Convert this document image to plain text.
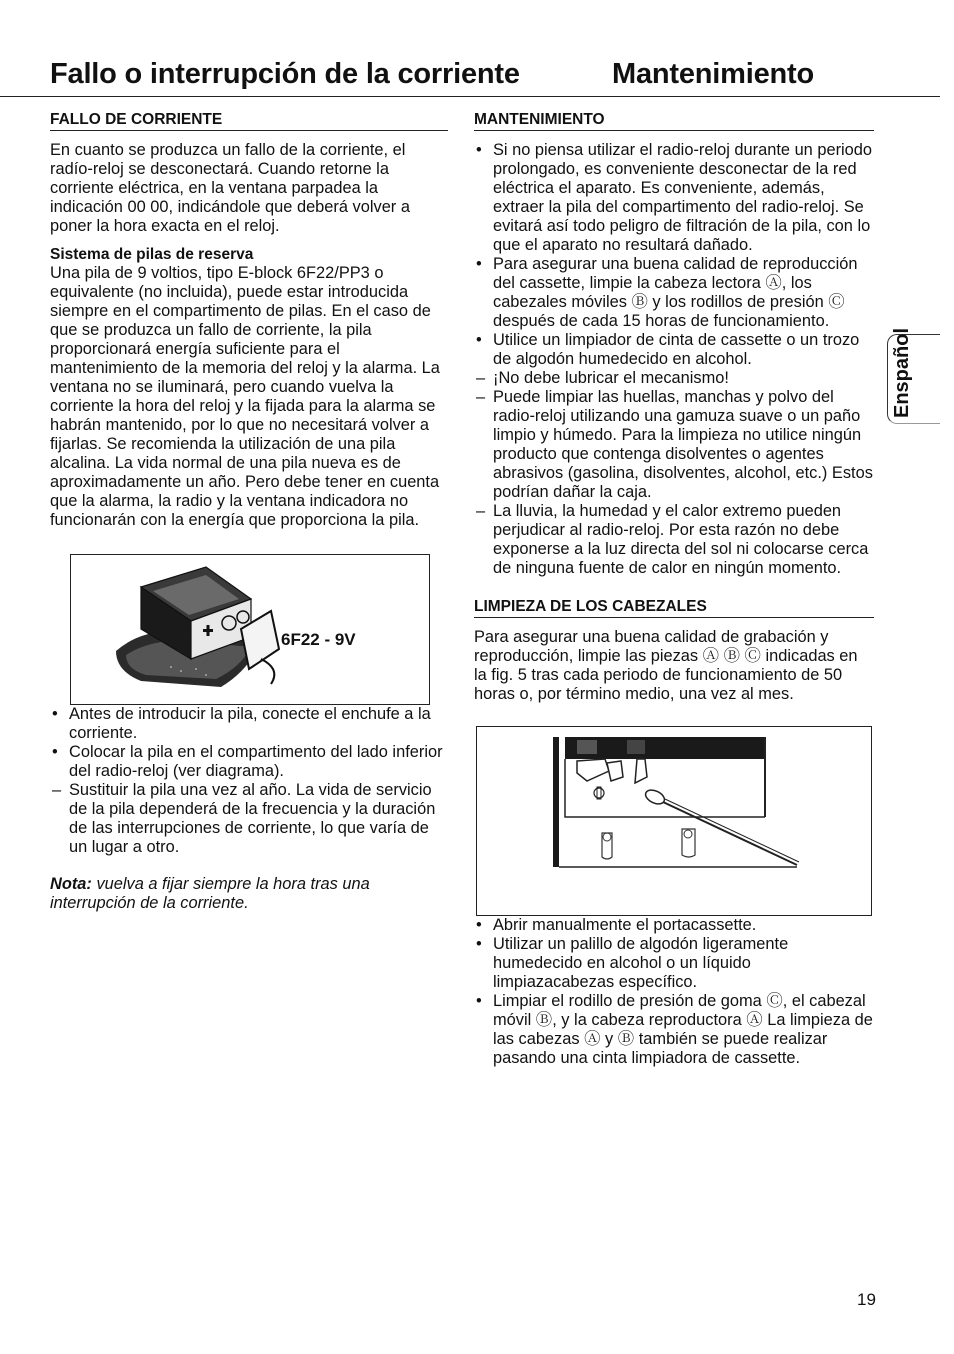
Fallo o interrupción de la corriente	Mantenimiento
FALLO DE CORRIENTE

En cuanto se produzca un fallo de la corriente, el radío-reloj se desconectará. Cuando retorne la corriente eléctrica, en la ventana parpadea la indicación 00 00, indicándole que deberá volver a poner la hora exacta en el reloj.

Sistema de pilas de reserva

Una pila de 9 voltios, tipo E-block 6F22/PP3 o equivalente (no incluida), puede estar introducida siempre en el compartimento de pilas. En el caso de que se produzca un fallo de corriente, la pila proporcionará energía suficiente para el mantenimiento de la memoria del reloj y la alarma. La ventana no se iluminará, pero cuando vuelva la corriente la hora del reloj y la fijada para la alarma se habrán mantenido, por lo que no necesitará volver a fijarlas. Se recomienda la utilización de una pila alcalina. La vida normal de una pila nueva es de aproximadamente un año. Pero debe tener en cuenta que la alarma, la radio y la ventana indicadora no funcionarán con la energía que proporciona la pila.

6F22 - 9V
• Antes de introducir la pila, conecte el enchufe a la corriente.
• Colocar la pila en el compartimento del lado inferior del radio-reloj (ver diagrama).
– Sustituir la pila una vez al año. La vida de servicio de la pila dependerá de la frecuencia y la duración de las interrupciones de corriente, lo que varía de un lugar a otro.

Nota: vuelva a fijar siempre la hora tras una interrupción de la corriente.

MANTENIMIENTO
• Si no piensa utilizar el radio-reloj durante un periodo prolongado, es conveniente desconectar de la red eléctrica el aparato. Es conveniente, además, extraer la pila del compartimento del radio-reloj. Se evitará así todo peligro de filtración de la pila, con lo que el aparato no resultará dañado.
• Para asegurar una buena calidad de reproducción del cassette, limpie la cabeza lectora Ⓐ, los cabezales móviles Ⓑ y los rodillos de presión Ⓒ después de cada 15 horas de funcionamiento.
• Utilice un limpiador de cinta de cassette o un trozo de algodón humedecido en alcohol.
– ¡No debe lubricar el mecanismo!
– Puede limpiar las huellas, manchas y polvo del radio-reloj utilizando una gamuza suave o un paño limpio y húmedo. Para la limpieza no utilice ningún producto que contenga disolventes o agentes abrasivos (gasolina, disolventes, alcohol, etc.) Estos podrían dañar la caja.
– La lluvia, la humedad y el calor extremo pueden perjudicar al radio-reloj. Por esta razón no debe exponerse a la luz directa del sol ni colocarse cerca de ninguna fuente de calor en ningún momento.
LIMPIEZA DE LOS CABEZALES

Para asegurar una buena calidad de grabación y reproducción, limpie las piezas Ⓐ Ⓑ Ⓒ indicadas en la fig. 5 tras cada periodo de funcionamiento de 50 horas o, por término medio, una vez al mes.

• Abrir manualmente el portacassette.
• Utilizar un palillo de algodón ligeramente humedecido en alcohol o un líquido limpiazacabezas específico.
• Limpiar el rodillo de presión de goma Ⓒ, el cabezal móvil Ⓑ, y la cabeza reproductora Ⓐ La limpieza de las cabezas Ⓐ y Ⓑ también se puede realizar pasando una cinta limpiadora de cassette.
Enspañol
19
